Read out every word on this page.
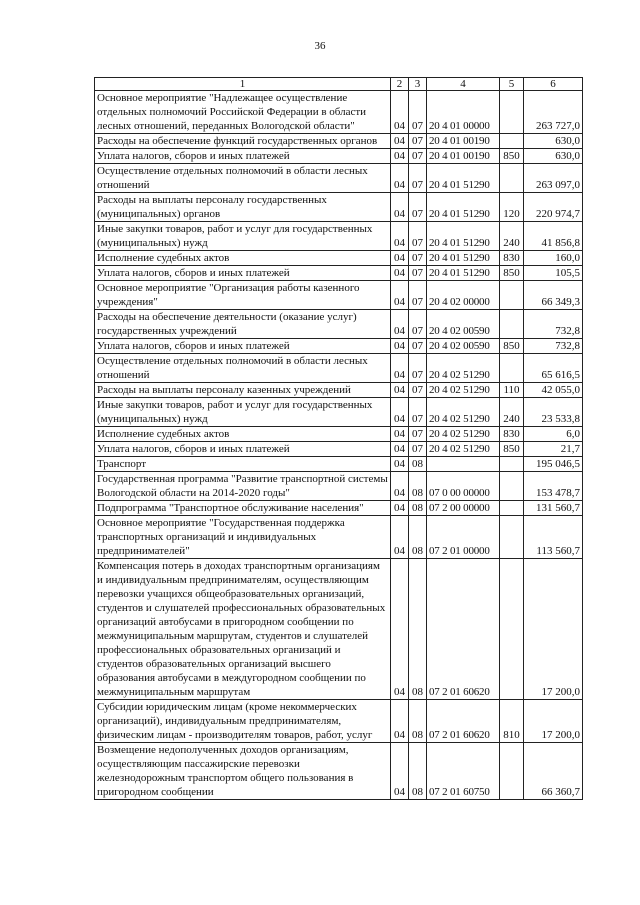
36
1	2	3	4	5	6
Основное мероприятие "Надлежащее осуществление отдельных полномочий Российской Федерации в области лесных отношений, переданных Вологодской области"	04	07	20 4 01 00000		263 727,0
Расходы на обеспечение функций государственных органов	04	07	20 4 01 00190		630,0
Уплата налогов, сборов и иных платежей	04	07	20 4 01 00190	850	630,0
Осуществление отдельных полномочий в области лесных отношений	04	07	20 4 01 51290		263 097,0
Расходы на выплаты персоналу государственных (муниципальных) органов	04	07	20 4 01 51290	120	220 974,7
Иные закупки товаров, работ и услуг для государственных (муниципальных) нужд	04	07	20 4 01 51290	240	41 856,8
Исполнение судебных актов	04	07	20 4 01 51290	830	160,0
Уплата налогов, сборов и иных платежей	04	07	20 4 01 51290	850	105,5
Основное мероприятие "Организация работы казенного учреждения"	04	07	20 4 02 00000		66 349,3
Расходы на обеспечение деятельности (оказание услуг) государственных учреждений	04	07	20 4 02 00590		732,8
Уплата налогов, сборов и иных платежей	04	07	20 4 02 00590	850	732,8
Осуществление отдельных полномочий в области лесных отношений	04	07	20 4 02 51290		65 616,5
Расходы на выплаты персоналу казенных учреждений	04	07	20 4 02 51290	110	42 055,0
Иные закупки товаров, работ и услуг для государственных (муниципальных) нужд	04	07	20 4 02 51290	240	23 533,8
Исполнение судебных актов	04	07	20 4 02 51290	830	6,0
Уплата налогов, сборов и иных платежей	04	07	20 4 02 51290	850	21,7
Транспорт	04	08			195 046,5
Государственная программа "Развитие транспортной системы Вологодской области на 2014-2020 годы"	04	08	07 0 00 00000		153 478,7
Подпрограмма "Транспортное обслуживание населения"	04	08	07 2 00 00000		131 560,7
Основное мероприятие "Государственная поддержка транспортных организаций и индивидуальных предпринимателей"	04	08	07 2 01 00000		113 560,7
Компенсация потерь в доходах транспортным организациям и индивидуальным предпринимателям, осуществляющим перевозки учащихся общеобразовательных организаций, студентов и слушателей профессиональных образовательных организаций автобусами в пригородном сообщении по межмуниципальным маршрутам, студентов и слушателей профессиональных образовательных организаций и студентов образовательных организаций высшего образования автобусами в междугородном сообщении по межмуниципальным маршрутам	04	08	07 2 01 60620		17 200,0
Субсидии юридическим лицам (кроме некоммерческих организаций), индивидуальным предпринимателям, физическим лицам - производителям товаров, работ, услуг	04	08	07 2 01 60620	810	17 200,0
Возмещение недополученных доходов организациям, осуществляющим пассажирские перевозки железнодорожным транспортом общего пользования в пригородном сообщении	04	08	07 2 01 60750		66 360,7
